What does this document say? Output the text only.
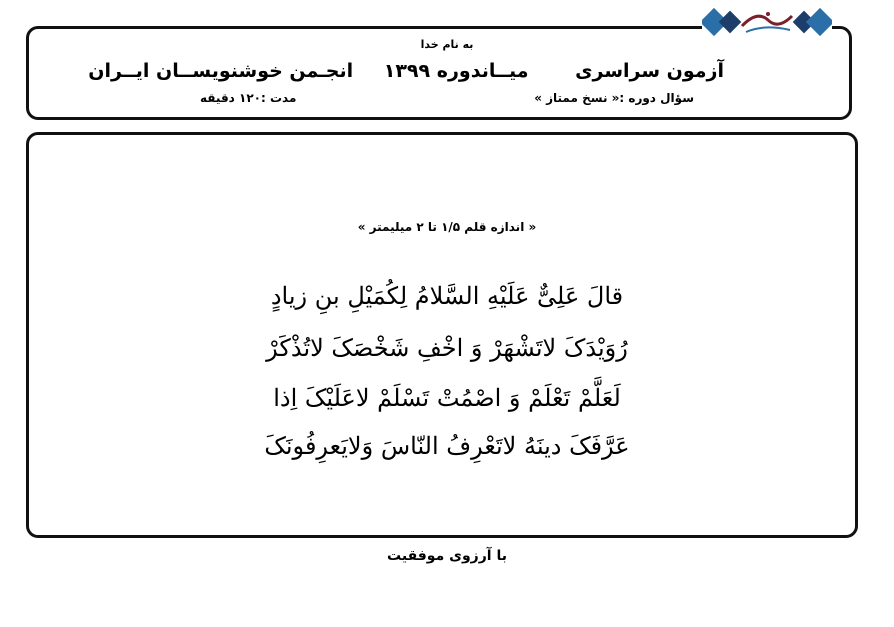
به نام خدا
آزمون سراسری میــاندوره ۱۳۹۹ انجـمن خوشنویســان ایــران
سؤال دوره :« نسخ ممتاز »
مدت :۱۲۰ دقیقه
« اندازه قلم ۱/۵ تا ۲ میلیمتر »
قالَ عَلِیٌّ عَلَیْهِ السَّلامُ لِکُمَیْلِ بنِ زیادٍ
رُوَیْدَکَ لاتَشْهَرْ وَ اخْفِ شَخْصَکَ لاتُذْکَرْ
لَعَلَّمْ تَعْلَمْ وَ اصْمُتْ تَسْلَمْ لاعَلَیْکَ اِذا
عَرَّفَکَ دینَهُ لاتَعْرِفُ النّاسَ وَلایَعرِفُونَکَ
با آرزوی موفقیت
